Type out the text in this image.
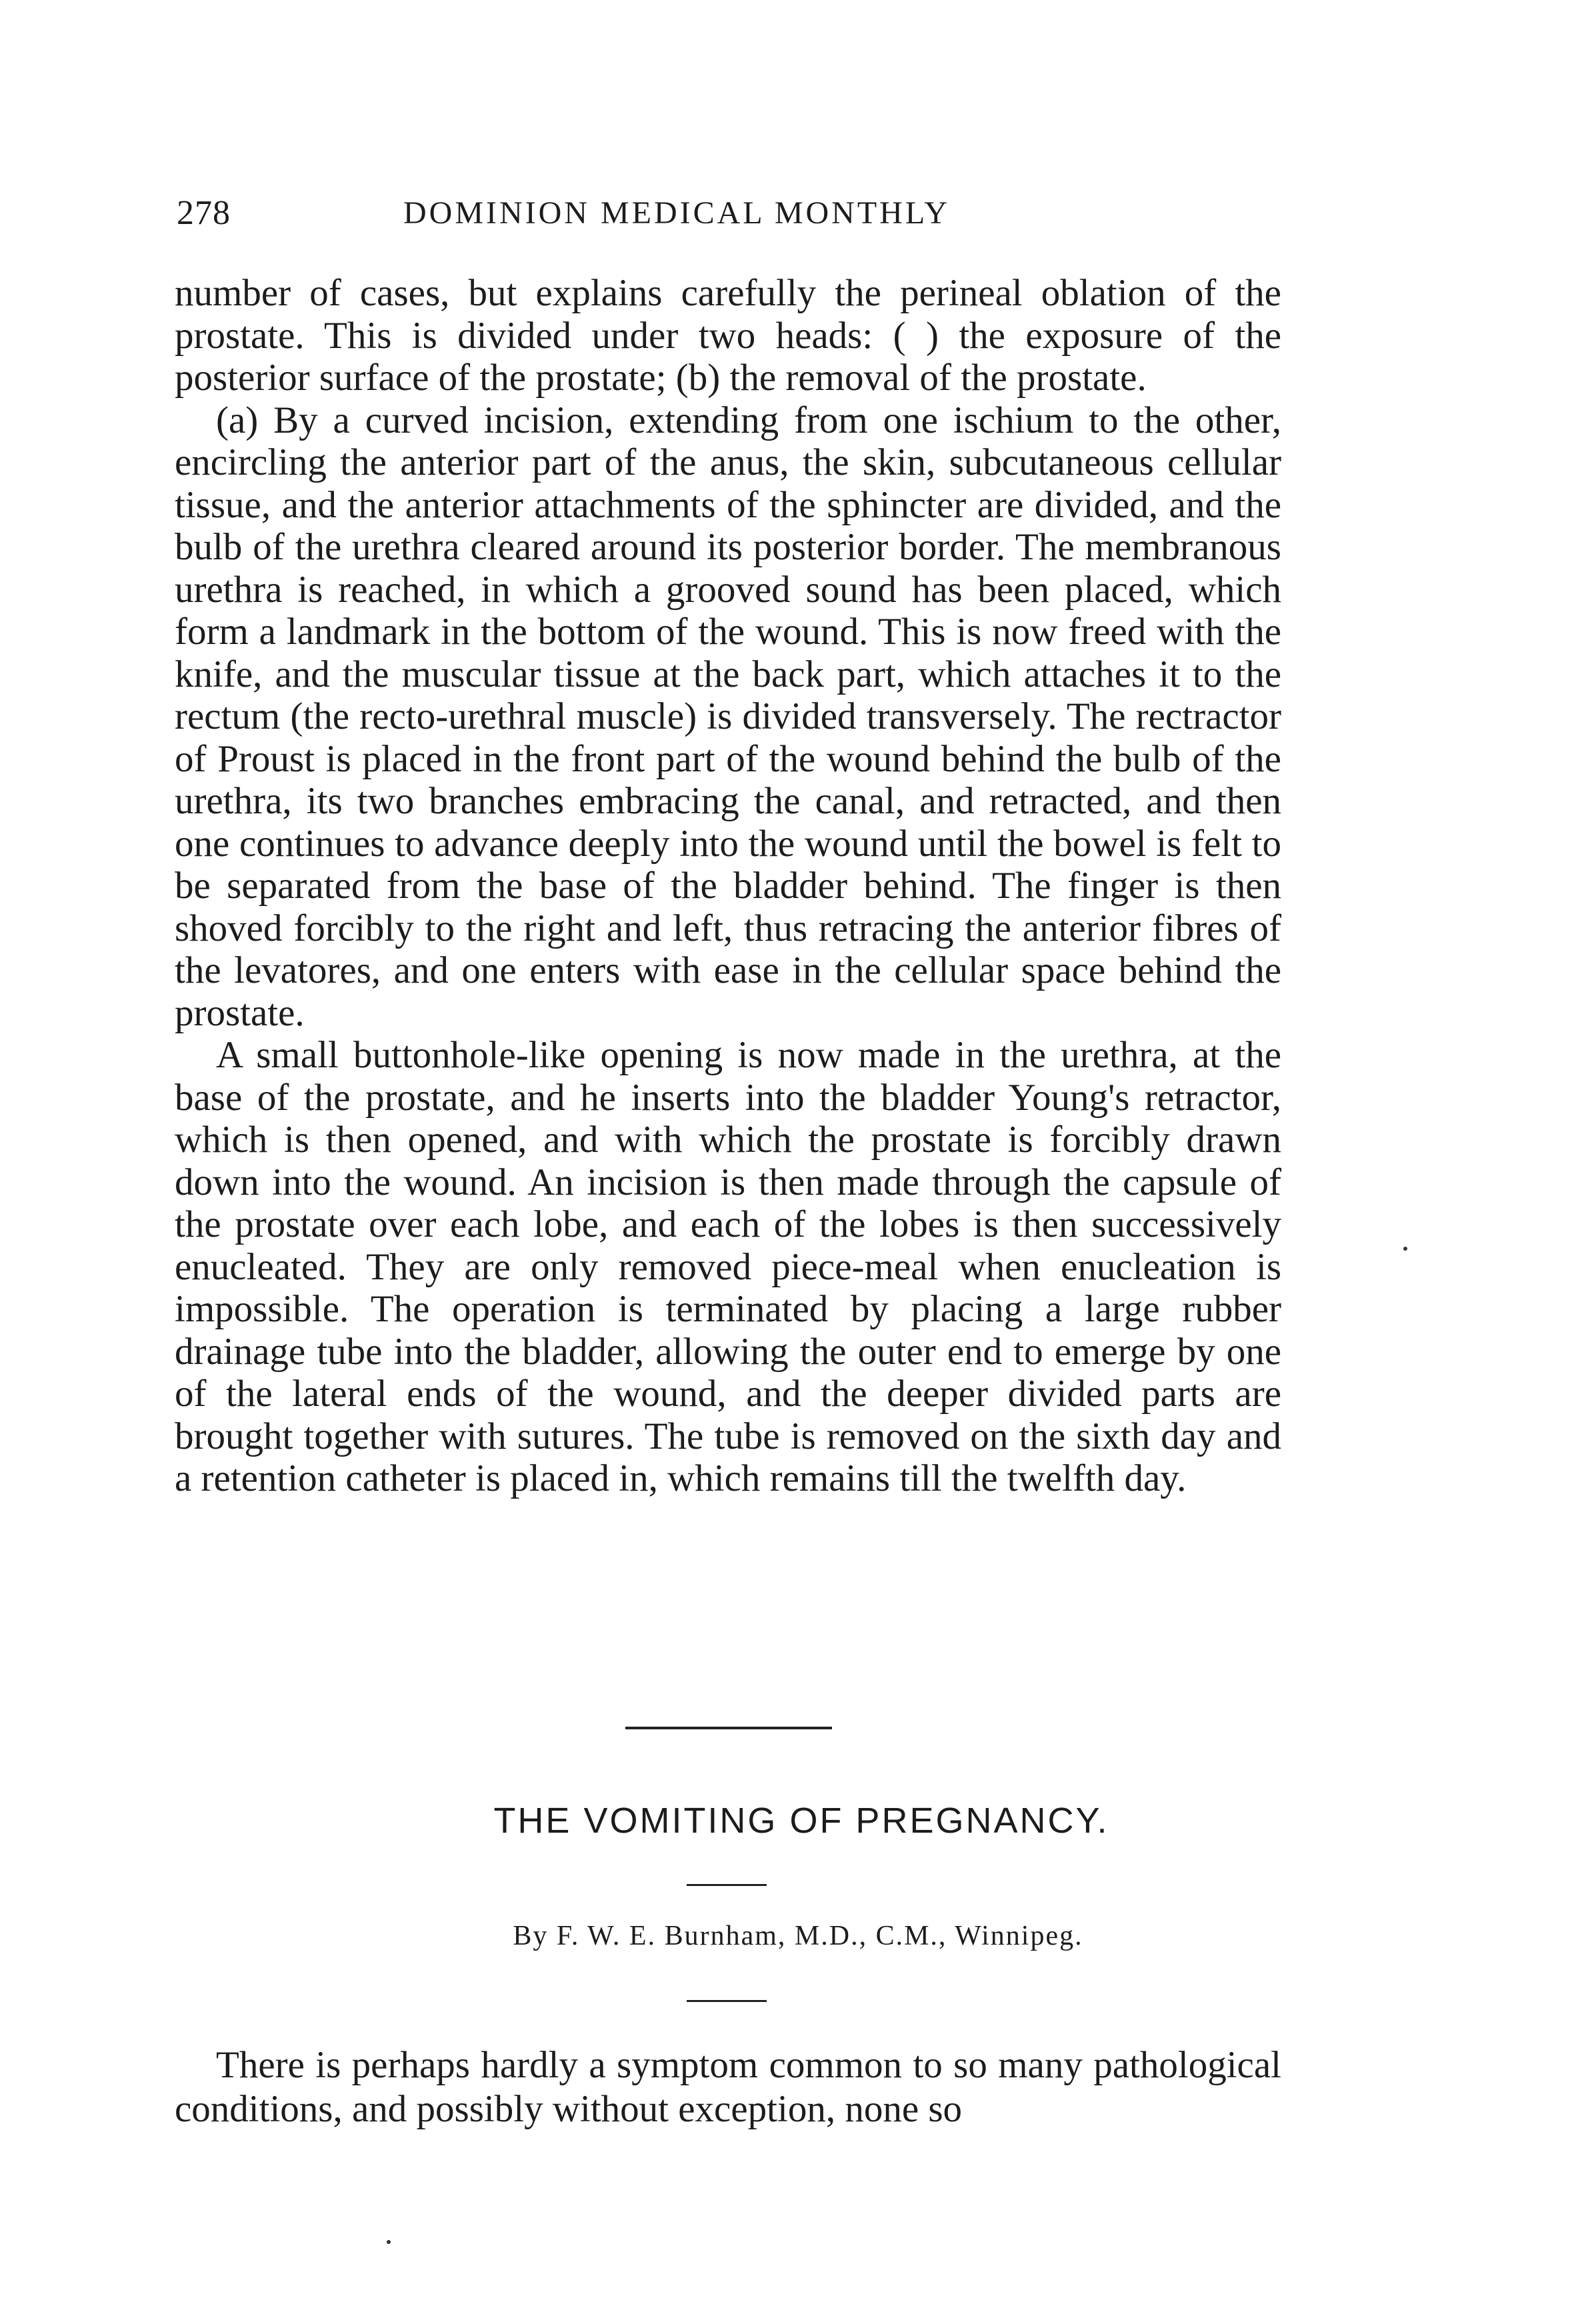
278	DOMINION MEDICAL MONTHLY

number of cases, but explains carefully the perineal oblation of the prostate. This is divided under two heads: ( ) the exposure of the posterior surface of the prostate; (b) the removal of the prostate.

(a) By a curved incision, extending from one ischium to the other, encircling the anterior part of the anus, the skin, subcutaneous cellular tissue, and the anterior attachments of the sphincter are divided, and the bulb of the urethra cleared around its posterior border. The membranous urethra is reached, in which a grooved sound has been placed, which form a landmark in the bottom of the wound. This is now freed with the knife, and the muscular tissue at the back part, which attaches it to the rectum (the recto-urethral muscle) is divided transversely. The rectractor of Proust is placed in the front part of the wound behind the bulb of the urethra, its two branches embracing the canal, and retracted, and then one continues to advance deeply into the wound until the bowel is felt to be separated from the base of the bladder behind. The finger is then shoved forcibly to the right and left, thus retracing the anterior fibres of the levatores, and one enters with ease in the cellular space behind the prostate.

A small buttonhole-like opening is now made in the urethra, at the base of the prostate, and he inserts into the bladder Young's retractor, which is then opened, and with which the prostate is forcibly drawn down into the wound. An incision is then made through the capsule of the prostate over each lobe, and each of the lobes is then successively enucleated. They are only removed piece-meal when enucleation is impossible. The operation is terminated by placing a large rubber drainage tube into the bladder, allowing the outer end to emerge by one of the lateral ends of the wound, and the deeper divided parts are brought together with sutures. The tube is removed on the sixth day and a retention catheter is placed in, which remains till the twelfth day.

THE VOMITING OF PREGNANCY.
By F. W. E. Burnham, M.D., C.M., Winnipeg.

There is perhaps hardly a symptom common to so many pathological conditions, and possibly without exception, none so
